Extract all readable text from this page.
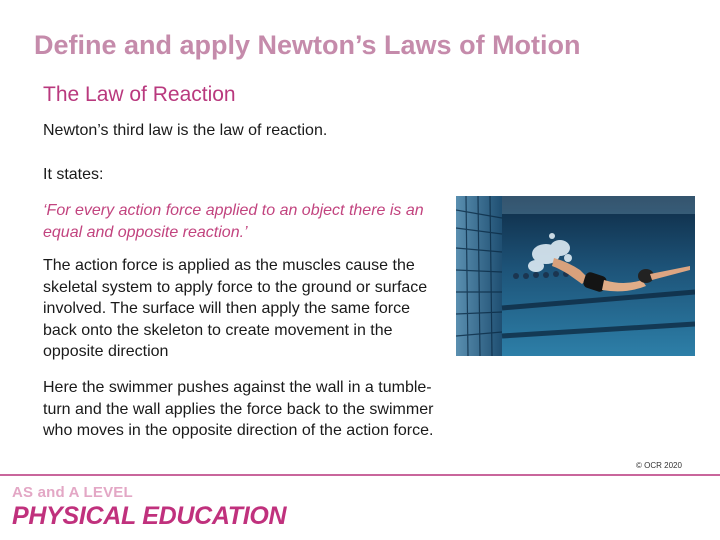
Define and apply Newton’s Laws of Motion
The Law of Reaction
Newton’s third law is the law of reaction.
It states:
‘For every action force applied to an object there is an equal and opposite reaction.’
The action force is applied as the muscles cause the skeletal system to apply force to the ground or surface involved. The surface will then apply the same force back onto the skeleton to create movement in the opposite direction
Here the swimmer pushes against the wall in a tumble-turn and the wall applies the force back to the swimmer who moves in the opposite direction of the action force.
© OCR 2020
AS and A LEVEL
PHYSICAL EDUCATION
